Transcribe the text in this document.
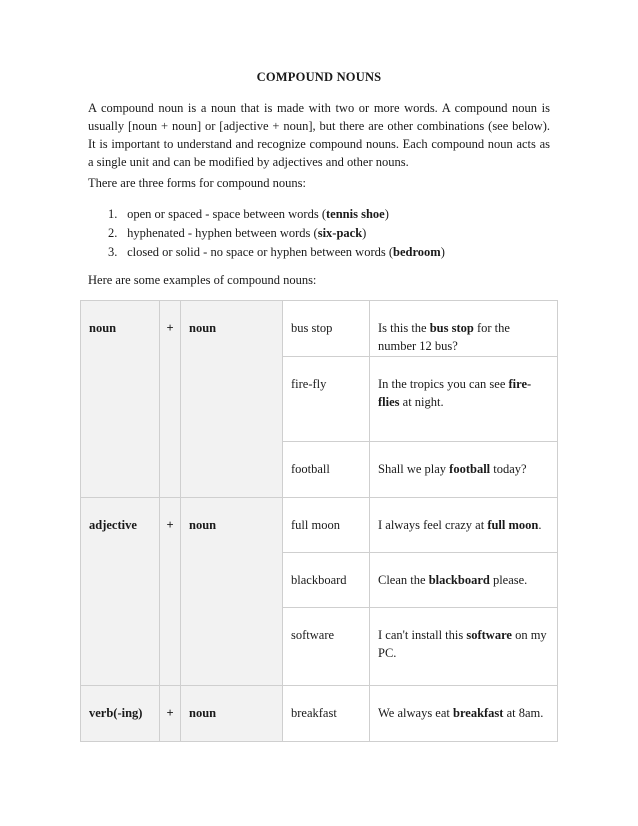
COMPOUND NOUNS
A compound noun is a noun that is made with two or more words. A compound noun is usually [noun + noun] or [adjective + noun], but there are other combinations (see below). It is important to understand and recognize compound nouns. Each compound noun acts as a single unit and can be modified by adjectives and other nouns.
There are three forms for compound nouns:
1. open or spaced - space between words (tennis shoe)
2. hyphenated - hyphen between words (six-pack)
3. closed or solid - no space or hyphen between words (bedroom)
Here are some examples of compound nouns:
noun	+	noun	bus stop	Is this the bus stop for the number 12 bus?
			fire-fly	In the tropics you can see fire-flies at night.
			football	Shall we play football today?
adjective	+	noun	full moon	I always feel crazy at full moon.
			blackboard	Clean the blackboard please.
			software	I can't install this software on my PC.
verb(-ing)	+	noun	breakfast	We always eat breakfast at 8am.
